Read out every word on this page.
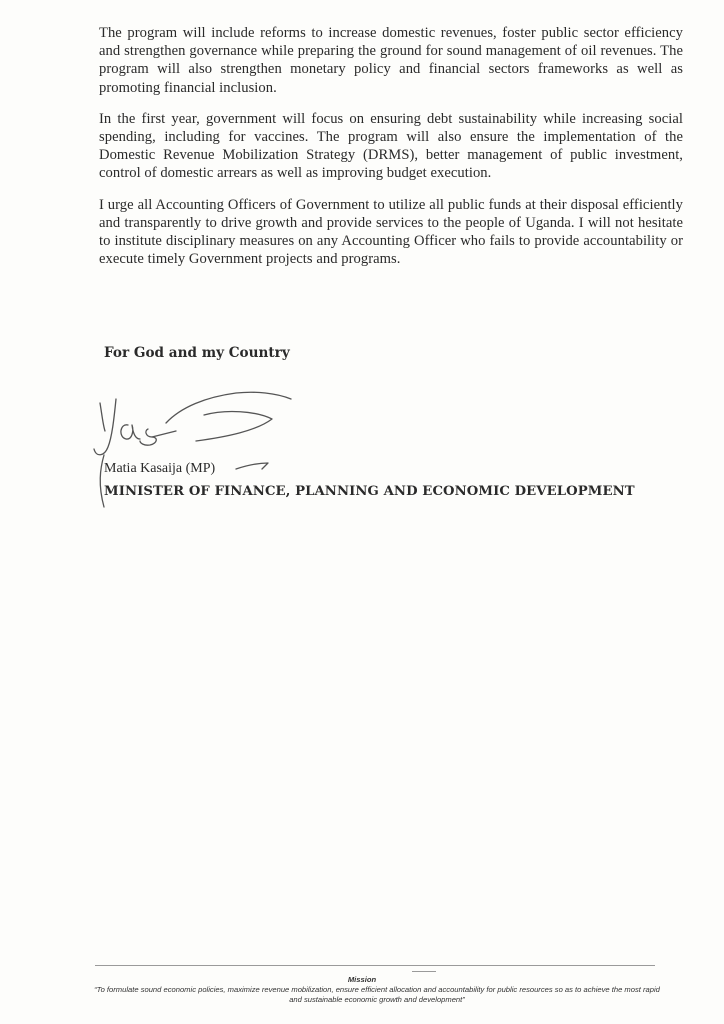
The program will include reforms to increase domestic revenues, foster public sector efficiency and strengthen governance while preparing the ground for sound management of oil revenues. The program will also strengthen monetary policy and financial sectors frameworks as well as promoting financial inclusion.

In the first year, government will focus on ensuring debt sustainability while increasing social spending, including for vaccines. The program will also ensure the implementation of the Domestic Revenue Mobilization Strategy (DRMS), better management of public investment, control of domestic arrears as well as improving budget execution.

I urge all Accounting Officers of Government to utilize all public funds at their disposal efficiently and transparently to drive growth and provide services to the people of Uganda. I will not hesitate to institute disciplinary measures on any Accounting Officer who fails to provide accountability or execute timely Government projects and programs.

For God and my Country
Matia Kasaija (MP)
MINISTER OF FINANCE, PLANNING AND ECONOMIC DEVELOPMENT
Mission
“To formulate sound economic policies, maximize revenue mobilization, ensure efficient allocation and accountability for public resources so as to achieve the most rapid and sustainable economic growth and development”
